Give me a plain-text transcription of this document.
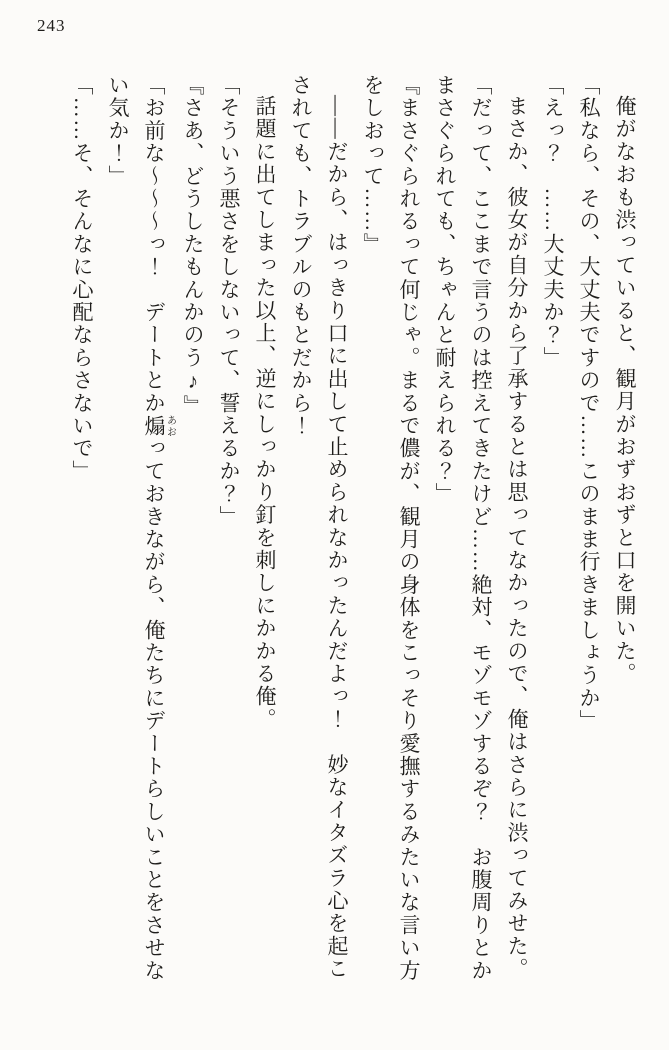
243

俺がなおも渋っていると、観月がおずおずと口を開いた。

「私なら、その、大丈夫ですので……このまま行きましょうか」

「えっ？　……大丈夫か？」

まさか、彼女が自分から了承するとは思ってなかったので、俺はさらに渋ってみせた。

「だって、ここまで言うのは控えてきたけど……絶対、モゾモゾするぞ？　お腹周りとかまさぐられても、ちゃんと耐えられる？」

『まさぐられるって何じゃ。まるで儂が、観月の身体をこっそり愛撫するみたいな言い方をしおって……』

——だから、はっきり口に出して止められなかったんだよっ！　妙なイタズラ心を起こされても、トラブルのもとだから！

話題に出てしまった以上、逆にしっかり釘を刺しにかかる俺。

「そういう悪さをしないって、誓えるか？」

『さあ、どうしたもんかのう♪』

「お前な～～～っ！　デートとか煽あおっておきながら、俺たちにデートらしいことをさせない気か！」

「……そ、そんなに心配ならさないで」
